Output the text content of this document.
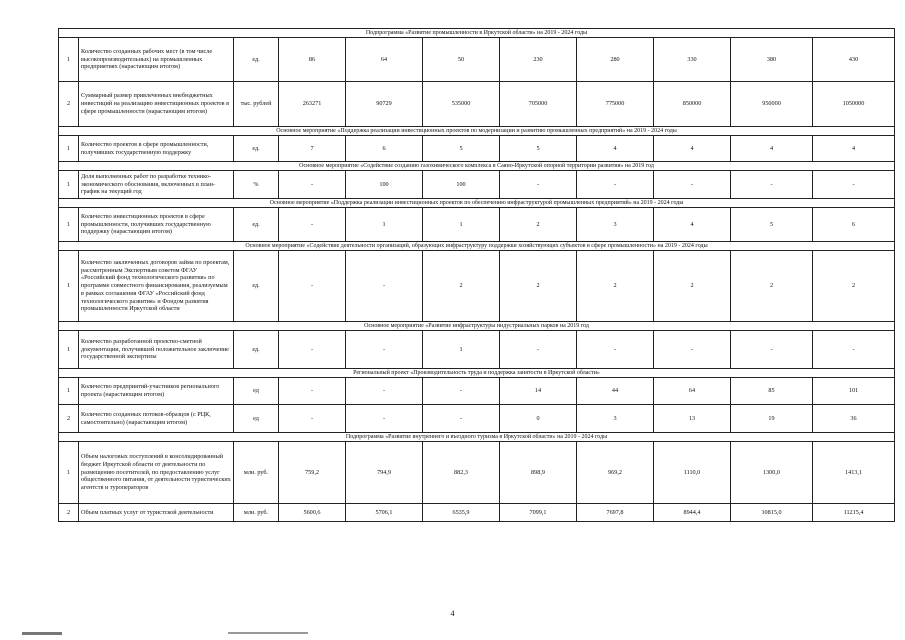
Подпрограмма «Развитие промышленности в Иркутской области» на 2019 - 2024 годы										
1	Количество созданных рабочих мест (в том числе высокопроизводительных) на промышленных предприятиях (нарастающим итогом)	ед.	86	64	50	230	280	330	380	430
2	Суммарный размер привлеченных внебюджетных инвестиций на реализацию инвестиционных проектов в сфере промышленности (нарастающим итогом)	тыс. рублей	263271	90729	535000	705000	775000	850000	950000	1050000
Основное мероприятие «Поддержка реализации инвестиционных проектов по модернизации и развитию промышленных предприятий» на 2019 - 2024 годы										
1	Количество проектов в сфере промышленности, получивших государственную поддержку	ед.	7	6	5	5	4	4	4	4
Основное мероприятие «Содействие созданию газохимического комплекса в Саяно-Иркутской опорной территории развития» на 2019 год										
1	Доля выполненных работ по разработке технико-экономического обоснования, включенных в план-график на текущий год	%	-	100	100	-	-	-	-	-
Основное мероприятие «Поддержка реализации инвестиционных проектов по обеспечению инфраструктурой промышленных предприятий» на 2019 - 2024 годы										
1	Количество инвестиционных проектов в сфере промышленности, получивших государственную поддержку (нарастающим итогом)	ед.	-	1	1	2	3	4	5	6
Основное мероприятие «Содействие деятельности организаций, образующих инфраструктуру поддержки хозяйствующих субъектов в сфере промышленности» на 2019 - 2024 годы										
1	Количество заключенных договоров займа по проектам, рассмотренным Экспертным советом ФГАУ «Российский фонд технологического развития» по программе совместного финансирования, реализуемым в рамках соглашения ФГАУ «Российский фонд технологического развития» и Фондом развития промышленности Иркутской области	ед.	-	-	2	2	2	2	2	2
Основное мероприятие «Развитие инфраструктуры индустриальных парков на 2019 год										
1	Количество разработанной проектно-сметной документации, получившей положительное заключение государственной экспертизы	ед.	-	-	1	-	-	-	-	-
Региональный проект «Производительность труда и поддержка занятости в Иркутской области»										
1	Количество предприятий-участников регионального проекта (нарастающим итогом)	ед	-	-	-	14	44	64	85	101
2	Количество созданных потоков-образцов (с РЦК, самостоятельно) (нарастающим итогом)	ед	-	-	-	0	3	13	19	36
Подпрограмма «Развитие внутреннего и въездного туризма в Иркутской области» на 2019 - 2024 годы										
1	Объем налоговых поступлений в консолидированный бюджет Иркутской области от деятельности по размещению посетителей, по предоставлению услуг общественного питания, от деятельности туристических агентств и туроператоров	млн. руб.	759,2	794,9	882,3	898,9	969,2	1110,0	1300,0	1413,1
2	Объем платных услуг от туристской деятельности	млн. руб.	5600,6	5706,1	6535,9	7099,1	7697,8	8944,4	10815,0	11215,4
4
